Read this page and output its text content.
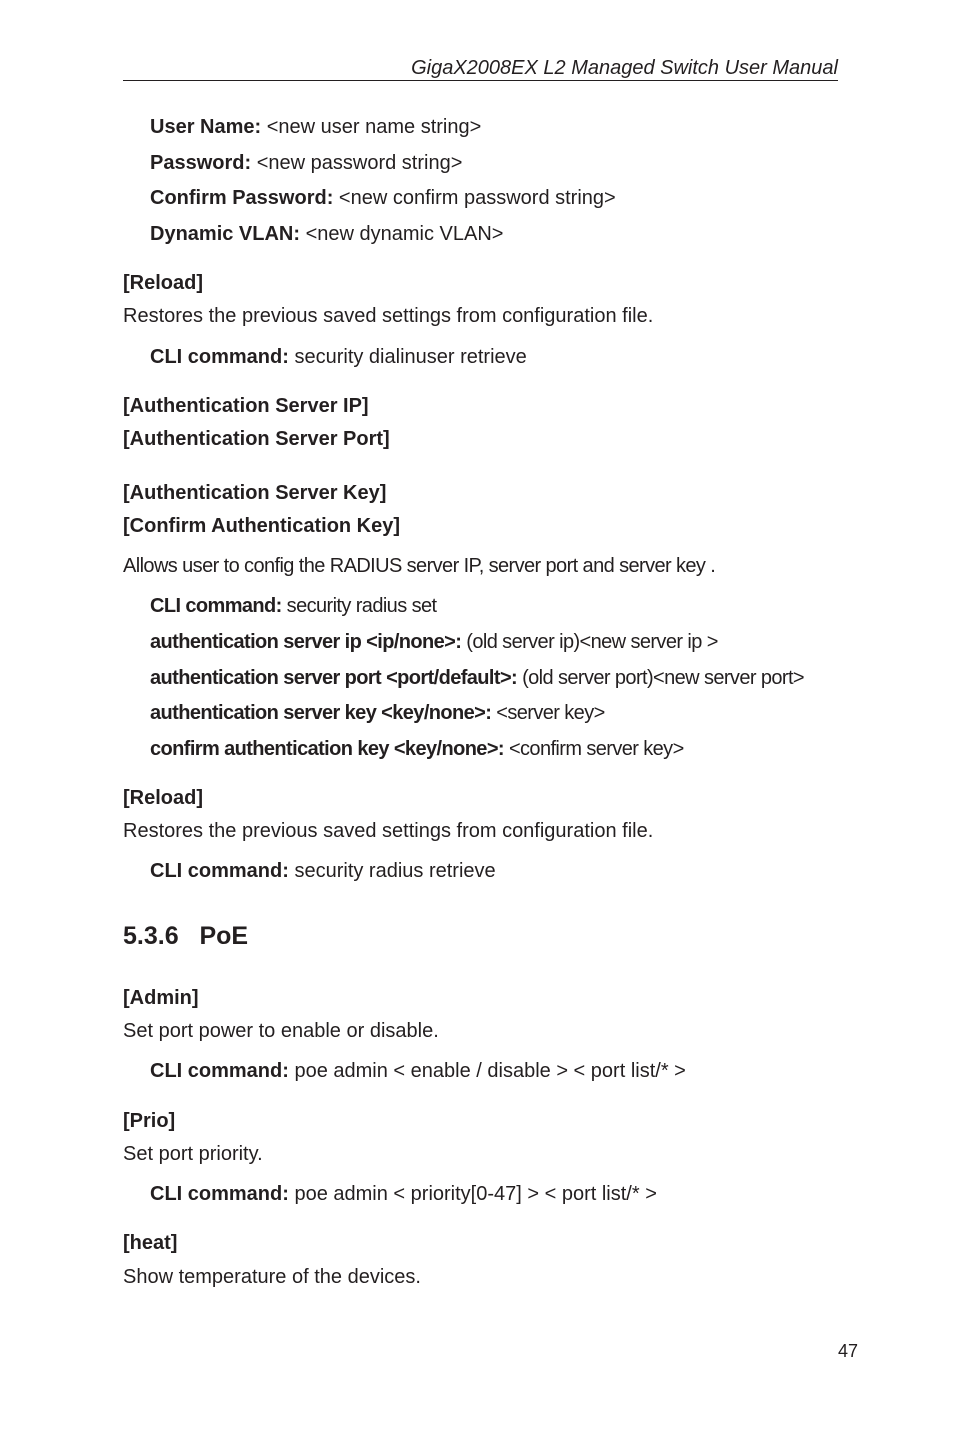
GigaX2008EX L2 Managed Switch User Manual
User Name: <new user name string>
Password: <new password string>
Confirm Password: <new confirm password string>
Dynamic VLAN: <new dynamic VLAN>
[Reload]
Restores the previous saved settings from configuration file.
CLI command: security dialinuser retrieve
[Authentication Server IP]
[Authentication Server Port]
[Authentication Server Key]
[Confirm Authentication Key]
Allows user to config the RADIUS server IP, server port and server key .
CLI command: security radius set
authentication server ip <ip/none>: (old server ip)<new server ip >
authentication server port <port/default>: (old server port)<new server port>
authentication server key <key/none>: <server key>
confirm authentication key <key/none>: <confirm server key>
[Reload]
Restores the previous saved settings from configuration file.
CLI command: security radius retrieve
5.3.6 PoE
[Admin]
Set port power to enable or disable.
CLI command: poe admin < enable / disable > < port list/* >
[Prio]
Set port priority.
CLI command: poe admin < priority[0-47] > < port list/* >
[heat]
Show temperature of the devices.
47
